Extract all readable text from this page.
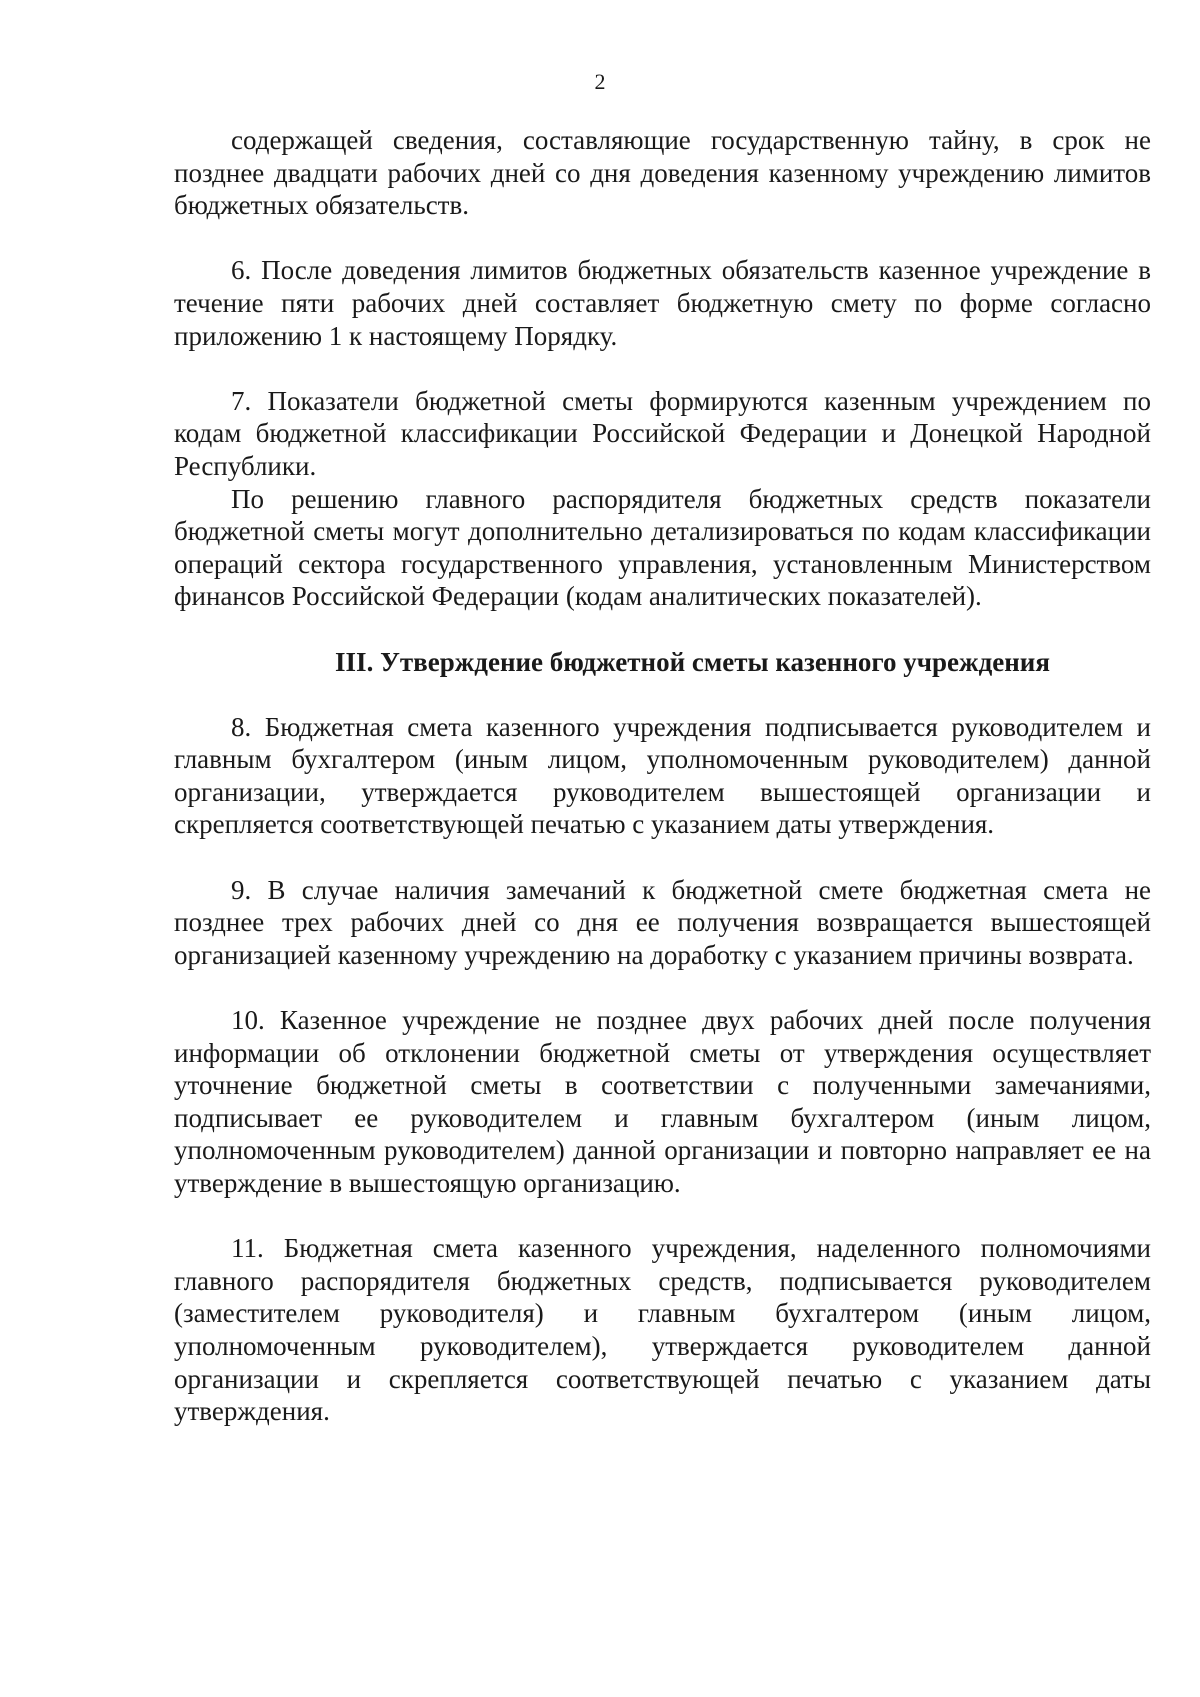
2

содержащей сведения, составляющие государственную тайну, в срок не позднее двадцати рабочих дней со дня доведения казенному учреждению лимитов бюджетных обязательств.

6. После доведения лимитов бюджетных обязательств казенное учреждение в течение пяти рабочих дней составляет бюджетную смету по форме согласно приложению 1 к настоящему Порядку.

7. Показатели бюджетной сметы формируются казенным учреждением по кодам бюджетной классификации Российской Федерации и Донецкой Народной Республики.

По решению главного распорядителя бюджетных средств показатели бюджетной сметы могут дополнительно детализироваться по кодам классификации операций сектора государственного управления, установленным Министерством финансов Российской Федерации (кодам аналитических показателей).

III. Утверждение бюджетной сметы казенного учреждения

8. Бюджетная смета казенного учреждения подписывается руководителем и главным бухгалтером (иным лицом, уполномоченным руководителем) данной организации, утверждается руководителем вышестоящей организации и скрепляется соответствующей печатью с указанием даты утверждения.

9. В случае наличия замечаний к бюджетной смете бюджетная смета не позднее трех рабочих дней со дня ее получения возвращается вышестоящей организацией казенному учреждению на доработку с указанием причины возврата.

10. Казенное учреждение не позднее двух рабочих дней после получения информации об отклонении бюджетной сметы от утверждения осуществляет уточнение бюджетной сметы в соответствии с полученными замечаниями, подписывает ее руководителем и главным бухгалтером (иным лицом, уполномоченным руководителем) данной организации и повторно направляет ее на утверждение в вышестоящую организацию.

11. Бюджетная смета казенного учреждения, наделенного полномочиями главного распорядителя бюджетных средств, подписывается руководителем (заместителем руководителя) и главным бухгалтером (иным лицом, уполномоченным руководителем), утверждается руководителем данной организации и скрепляется соответствующей печатью с указанием даты утверждения.
